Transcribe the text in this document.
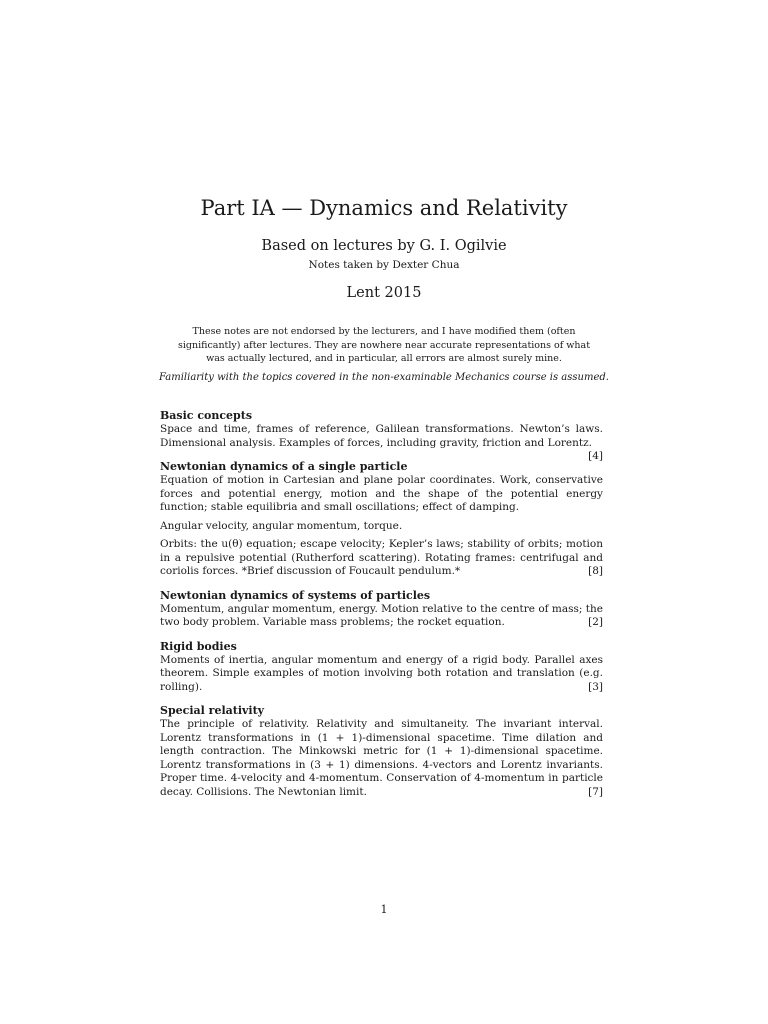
Part IA — Dynamics and Relativity
Based on lectures by G. I. Ogilvie
Notes taken by Dexter Chua
Lent 2015
These notes are not endorsed by the lecturers, and I have modified them (often significantly) after lectures. They are nowhere near accurate representations of what was actually lectured, and in particular, all errors are almost surely mine.
Familiarity with the topics covered in the non-examinable Mechanics course is assumed.
Basic concepts

Space and time, frames of reference, Galilean transformations. Newton’s laws. Dimensional analysis. Examples of forces, including gravity, friction and Lorentz.
[4]

Newtonian dynamics of a single particle

Equation of motion in Cartesian and plane polar coordinates. Work, conservative forces and potential energy, motion and the shape of the potential energy function; stable equilibria and small oscillations; effect of damping.

Angular velocity, angular momentum, torque.

Orbits: the u(θ) equation; escape velocity; Kepler’s laws; stability of orbits; motion in a repulsive potential (Rutherford scattering). Rotating frames: centrifugal and coriolis forces. *Brief discussion of Foucault pendulum.*	[8]

Newtonian dynamics of systems of particles

Momentum, angular momentum, energy. Motion relative to the centre of mass; the two body problem. Variable mass problems; the rocket equation.	[2]

Rigid bodies

Moments of inertia, angular momentum and energy of a rigid body. Parallel axes theorem. Simple examples of motion involving both rotation and translation (e.g. rolling).	[3]

Special relativity

The principle of relativity. Relativity and simultaneity. The invariant interval. Lorentz transformations in (1 + 1)-dimensional spacetime. Time dilation and length contraction. The Minkowski metric for (1 + 1)-dimensional spacetime. Lorentz transformations in (3 + 1) dimensions. 4-vectors and Lorentz invariants. Proper time. 4-velocity and 4-momentum. Conservation of 4-momentum in particle decay. Collisions. The Newtonian limit.	[7]

1
